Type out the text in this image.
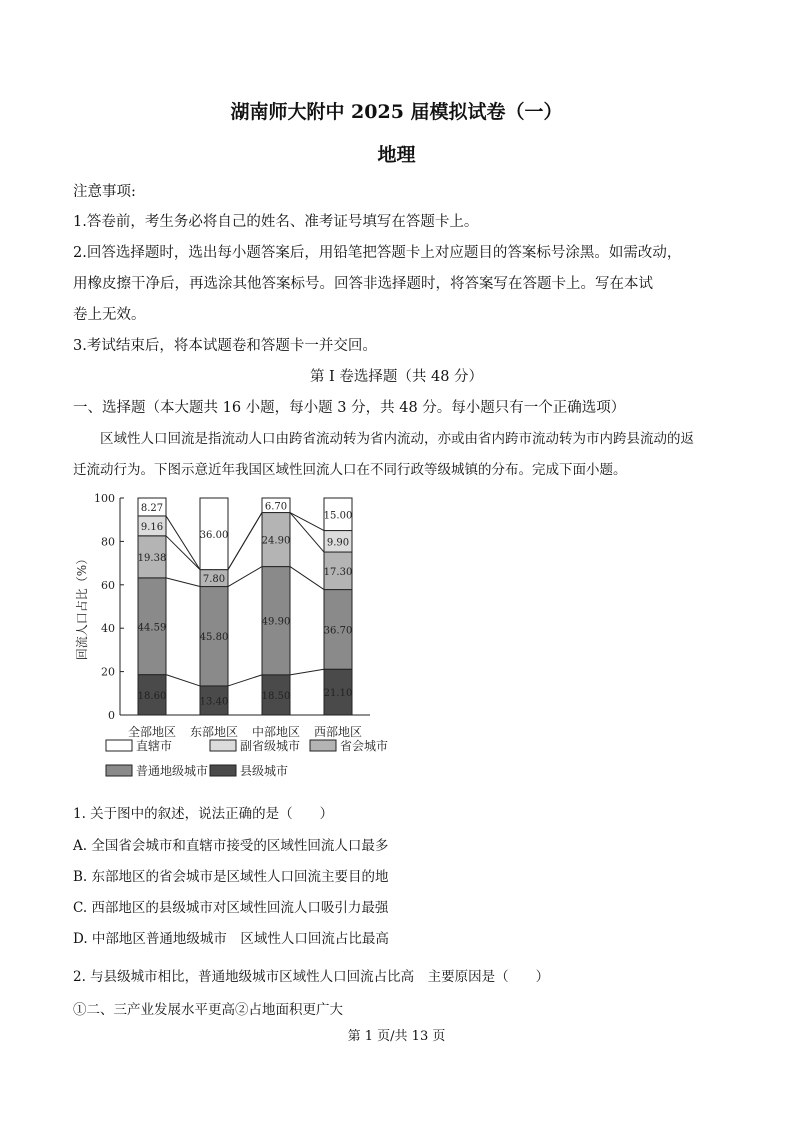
湖南师大附中 2025 届模拟试卷（一）
地理
注意事项:
1.答卷前，考生务必将自己的姓名、准考证号填写在答题卡上。
2.回答选择题时，选出每小题答案后，用铅笔把答题卡上对应题目的答案标号涂黑。如需改动，
用橡皮擦干净后，再选涂其他答案标号。回答非选择题时，将答案写在答题卡上。写在本试
卷上无效。
3.考试结束后，将本试题卷和答题卡一并交回。
第 I 卷选择题（共 48 分）
一、选择题（本大题共 16 小题，每小题 3 分，共 48 分。每小题只有一个正确选项）
区域性人口回流是指流动人口由跨省流动转为省内流动，亦或由省内跨市流动转为市内跨县流动的返
迁流动行为。下图示意近年我国区域性回流人口在不同行政等级城镇的分布。完成下面小题。
0
20
40
60
80
100
回流人口占比（%）
18.60
44.59
19.38
9.16
8.27
全部地区
13.40
45.80
7.80
36.00
东部地区
18.50
49.90
24.90
6.70
中部地区
21.10
36.70
17.30
9.90
15.00
西部地区
直辖市	副省级城市	省会城市
普通地级城市	县级城市
1. 关于图中的叙述，说法正确的是（　　）
A. 全国省会城市和直辖市接受的区域性回流人口最多
B. 东部地区的省会城市是区域性人口回流主要目的地
C. 西部地区的县级城市对区域性回流人口吸引力最强
D. 中部地区普通地级城市　区域性人口回流占比最高
2. 与县级城市相比，普通地级城市区域性人口回流占比高　主要原因是（　　）
①二、三产业发展水平更高②占地面积更广大
第 1 页/共 13 页
